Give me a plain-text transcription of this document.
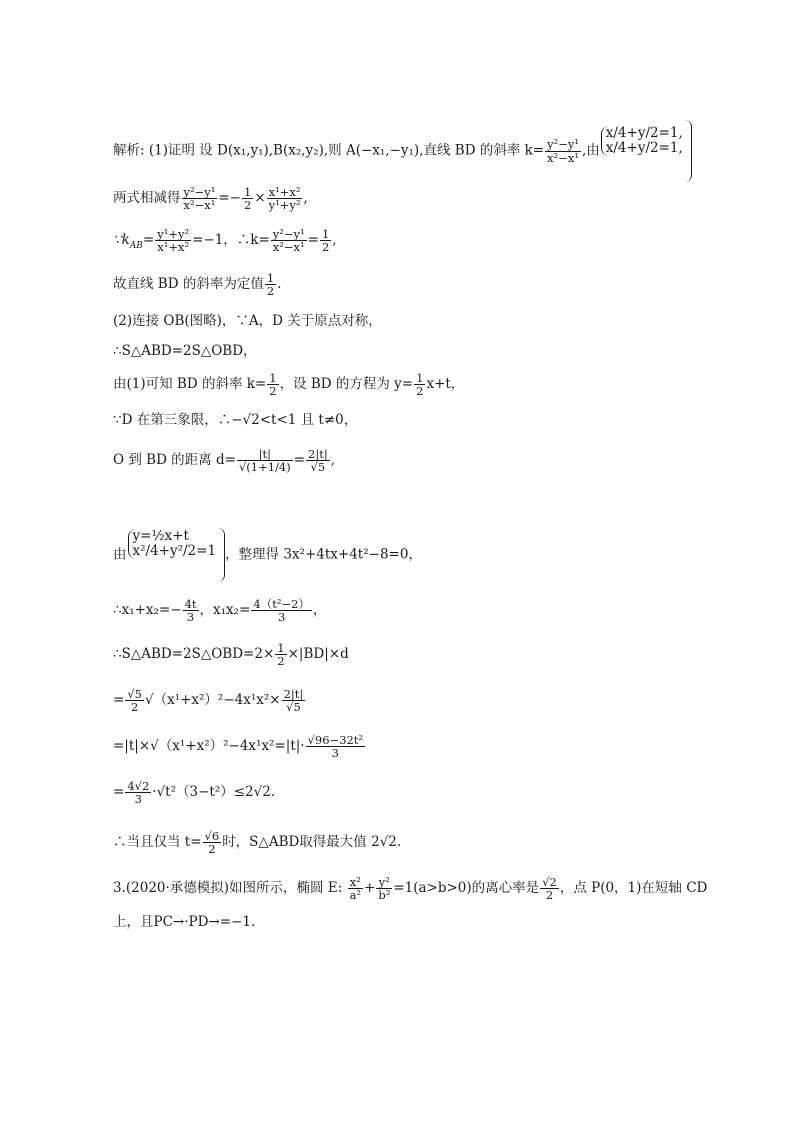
解析: (1)证明 设 D(x₁,y₁),B(x₂,y₂),则 A(−x₁,−y₁),直线 BD 的斜率 $k= \frac{\text{y²−y¹}}{\text{x²−x¹}}$ ,由
x/4+y/2=1,
x/4+y/2=1,
两式相减得 $\frac{\text{y²−y¹}}{\text{x²−x¹}} =- \frac{1}{2} \times \frac{\text{x¹+x²}}{\text{y¹+y²}}$ ,
$\because k_{AB}= \frac{\text{y¹+y²}}{\text{x¹+x²}} =-1$，∴k= $\frac{\text{y²−y¹}}{\text{x²−x¹}} = \frac{1}{2}$ ,
故直线 BD 的斜率为定值 $\frac{1}{2}$ .
(2)连接 OB(图略)，∵A，D 关于原点对称，
∴S△ABD=2S△OBD，
由(1)可知 BD 的斜率 $k= \frac{1}{2}$ ，设 BD 的方程为 $y= \frac{1}{2} x+t$，
∵D 在第三象限，∴−√2<t<1 且 t≠0，
O 到 BD 的距离 $d= \frac{|t|}{√(1+1/4)} = \frac{2|t|}{√5}$ ,
由
y=½x+t
x²/4+y²/2=1 ，整理得 3x²+4tx+4t²−8=0，
∴x₁+x₂=− $\frac{4t}{3}$ ，$x_1x_2= \frac{\text{4（t²−2）}}{3}$ ，
∴S△ABD=2S△OBD=2× $\frac{1}{2} \times|BD|\times d$
= $\frac{√5}{2} √(x^1+x^2)^2-4x^1x^2\times \frac{2|t|}{√5}$
$=|t|\times√(x^1+x^2)^2-4x^1x^2=|t|\cdot \frac{\text{√96−32t²}}{3}$
= $\frac{4√2}{3} \cdot√t^2(3-t^2)\le 2√2$.
∴当且仅当 $t= \frac{√6}{2}$ 时，S△ABD取得最大值 2√2.
3.(2020·承德模拟)如图所示，椭圆 E: $\frac{\text{x²}}{\text{a²}} + \frac{\text{y²}}{\text{b²}} =1(a>b>0)$的离心率是 $\frac{√2}{2}$ ，点 P(0，1)在短轴 CD
上，且PC→·PD→=−1.
